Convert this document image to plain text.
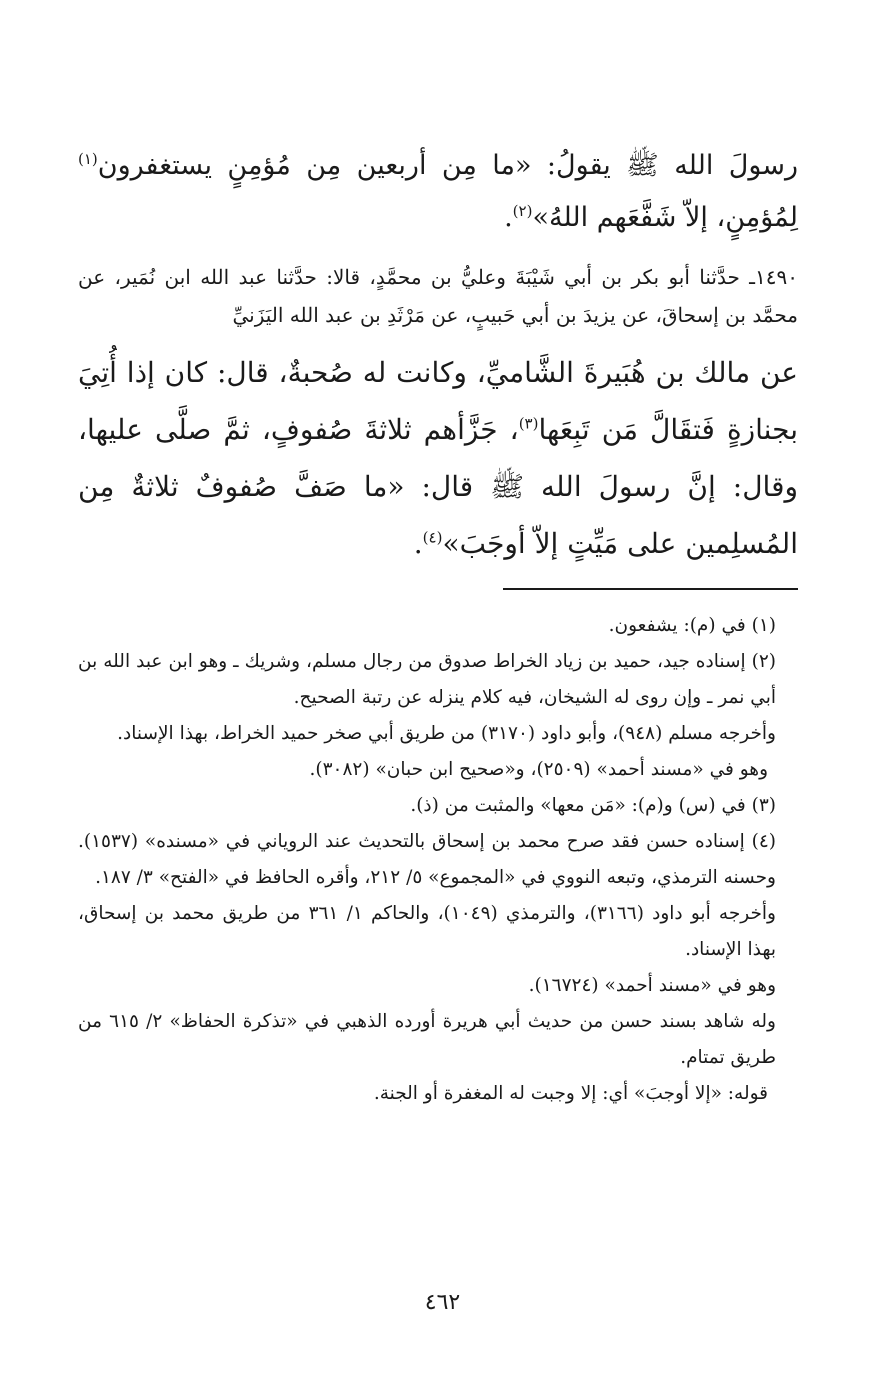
رسولَ الله ﷺ يقولُ: «ما مِن أربعين مِن مُؤمِنٍ يستغفرون$^{(١)}$ لِمُؤمِنٍ، إلاّ شَفَّعَهم اللهُ»$^{(٢)}$.

١٤٩٠ـ حدَّثنا أبو بكر بن أبي شَيْبَةَ وعليُّ بن محمَّدٍ، قالا: حدَّثنا عبد الله ابن نُمَير، عن محمَّد بن إسحاقَ، عن يزيدَ بن أبي حَبيبٍ، عن مَرْثَدِ بن عبد الله اليَزَنيِّ

عن مالك بن هُبَيرةَ الشَّاميِّ، وكانت له صُحبةٌ، قال: كان إذا أُتِيَ بجنازةٍ فَتقَالَّ مَن تَبِعَها$^{(٣)}$، جَزَّأهم ثلاثةَ صُفوفٍ، ثمَّ صلَّى عليها، وقال: إنَّ رسولَ الله ﷺ قال: «ما صَفَّ صُفوفٌ ثلاثةٌ مِن المُسلِمين على مَيِّتٍ إلاّ أوجَبَ»$^{(٤)}$.

(١) في (م): يشفعون.

(٢) إسناده جيد، حميد بن زياد الخراط صدوق من رجال مسلم، وشريك ـ وهو ابن عبد الله بن أبي نمر ـ وإن روى له الشيخان، فيه كلام ينزله عن رتبة الصحيح.

وأخرجه مسلم (٩٤٨)، وأبو داود (٣١٧٠) من طريق أبي صخر حميد الخراط، بهذا الإسناد.

وهو في «مسند أحمد» (٢٥٠٩)، و«صحيح ابن حبان» (٣٠٨٢).

(٣) في (س) و(م): «مَن معها» والمثبت من (ذ).

(٤) إسناده حسن فقد صرح محمد بن إسحاق بالتحديث عند الروياني في «مسنده» (١٥٣٧). وحسنه الترمذي، وتبعه النووي في «المجموع» ٥/ ٢١٢، وأقره الحافظ في «الفتح» ٣/ ١٨٧.

وأخرجه أبو داود (٣١٦٦)، والترمذي (١٠٤٩)، والحاكم ١/ ٣٦١ من طريق محمد بن إسحاق، بهذا الإسناد.

وهو في «مسند أحمد» (١٦٧٢٤).

وله شاهد بسند حسن من حديث أبي هريرة أورده الذهبي في «تذكرة الحفاظ» ٢/ ٦١٥ من طريق تمتام.

قوله: «إلا أوجبَ» أي: إلا وجبت له المغفرة أو الجنة.

٤٦٢
